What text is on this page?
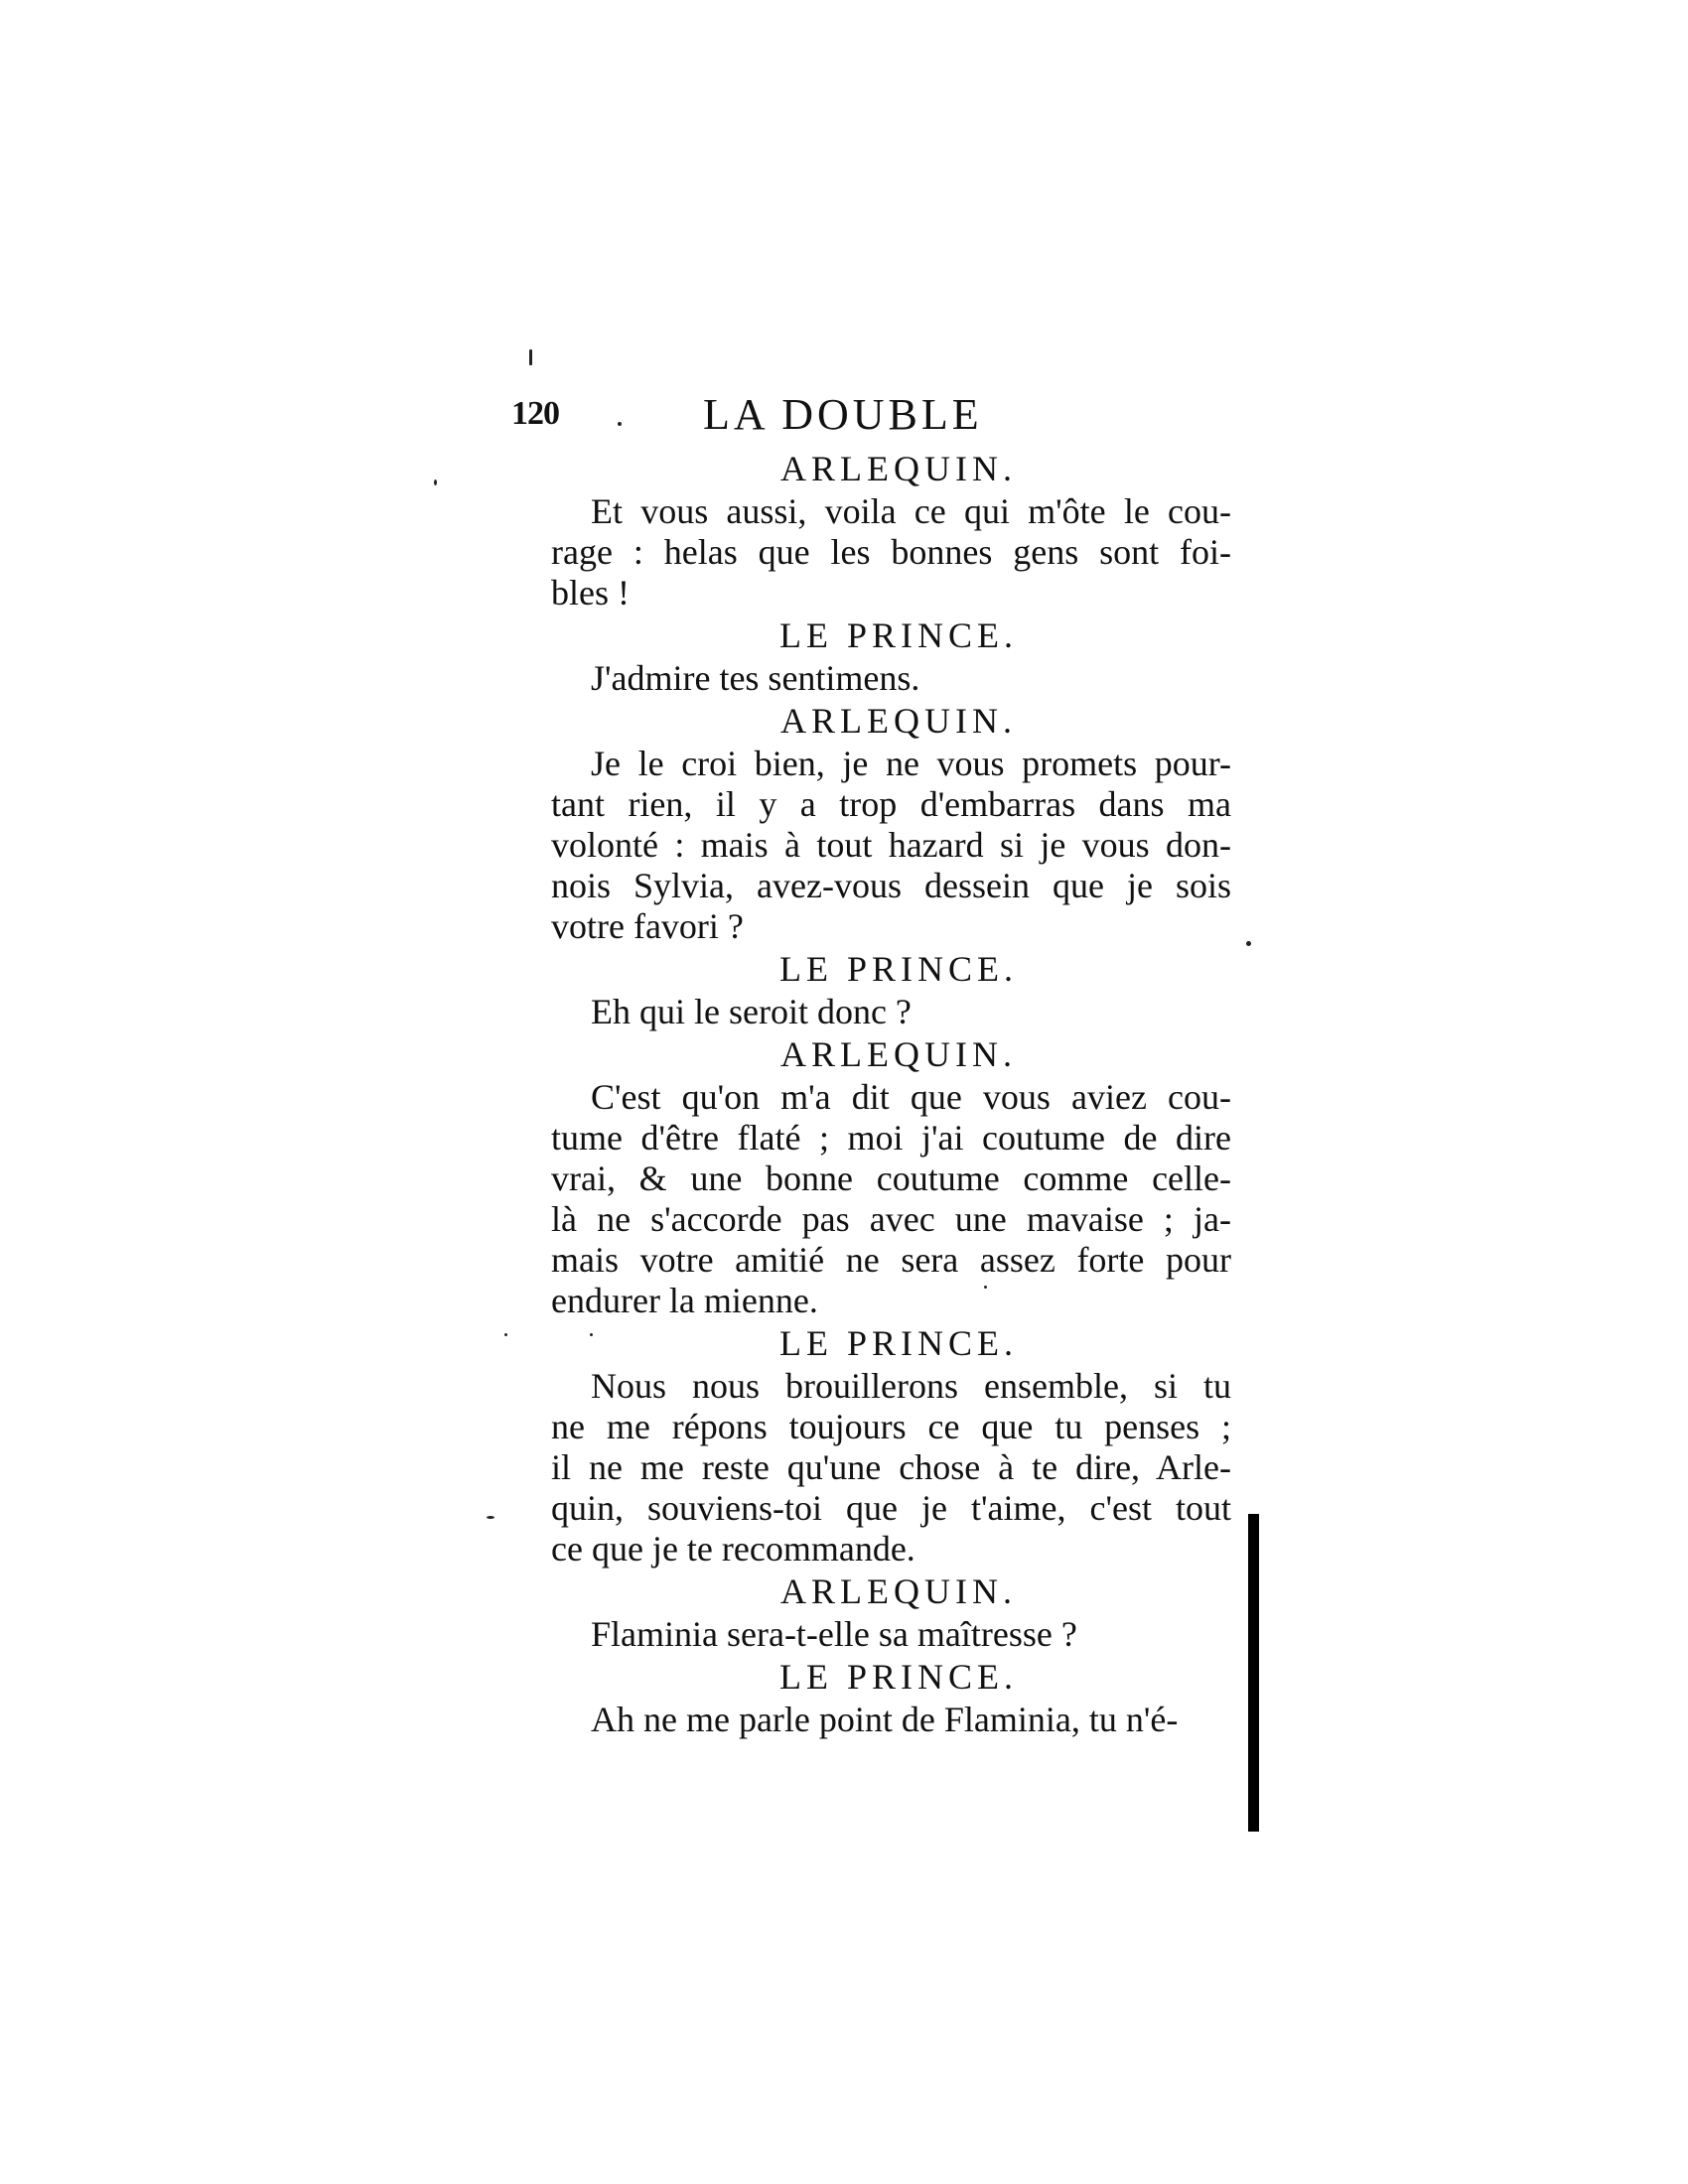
120	LA DOUBLE
ARLEQUIN.
Et vous aussi, voila ce qui m'ôte le cou-
rage : helas que les bonnes gens sont foi-
bles !
LE PRINCE.
J'admire tes sentimens.
ARLEQUIN.
Je le croi bien, je ne vous promets pour-
tant rien, il y a trop d'embarras dans ma
volonté : mais à tout hazard si je vous don-
nois Sylvia, avez-vous dessein que je sois
votre favori ?
LE PRINCE.
Eh qui le seroit donc ?
ARLEQUIN.
C'est qu'on m'a dit que vous aviez cou-
tume d'être flaté ; moi j'ai coutume de dire
vrai, & une bonne coutume comme celle-
là ne s'accorde pas avec une mavaise ; ja-
mais votre amitié ne sera assez forte pour
endurer la mienne.
LE PRINCE.
Nous nous brouillerons ensemble, si tu
ne me répons toujours ce que tu penses ;
il ne me reste qu'une chose à te dire, Arle-
quin, souviens-toi que je t'aime, c'est tout
ce que je te recommande.
ARLEQUIN.
Flaminia sera-t-elle sa maîtresse ?
LE PRINCE.
Ah ne me parle point de Flaminia, tu n'é-
